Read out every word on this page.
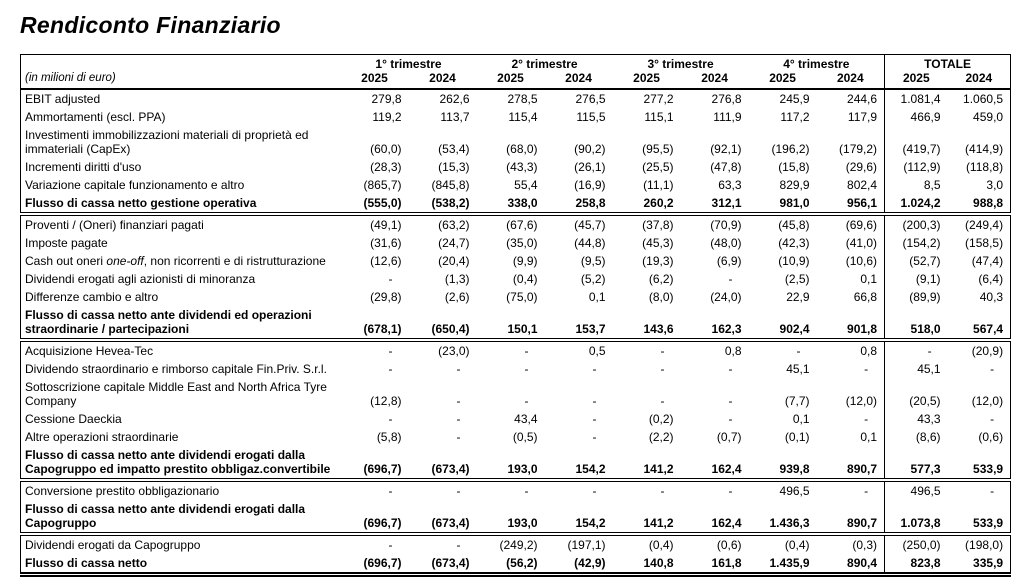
Rendiconto Finanziario
	1° trimestre		2° trimestre		3° trimestre		4° trimestre		TOTALE	
(in milioni di euro)	2025	2024	2025	2024	2025	2024	2025	2024	2025	2024
EBIT adjusted	279,8	262,6	278,5	276,5	277,2	276,8	245,9	244,6	1.081,4	1.060,5
Ammortamenti (escl. PPA)	119,2	113,7	115,4	115,5	115,1	111,9	117,2	117,9	466,9	459,0
Investimenti immobilizzazioni materiali di proprietà ed immateriali (CapEx)	(60,0)	(53,4)	(68,0)	(90,2)	(95,5)	(92,1)	(196,2)	(179,2)	(419,7)	(414,9)
Incrementi diritti d'uso	(28,3)	(15,3)	(43,3)	(26,1)	(25,5)	(47,8)	(15,8)	(29,6)	(112,9)	(118,8)
Variazione capitale funzionamento e altro	(865,7)	(845,8)	55,4	(16,9)	(11,1)	63,3	829,9	802,4	8,5	3,0
Flusso di cassa netto gestione operativa	(555,0)	(538,2)	338,0	258,8	260,2	312,1	981,0	956,1	1.024,2	988,8
Proventi / (Oneri) finanziari pagati	(49,1)	(63,2)	(67,6)	(45,7)	(37,8)	(70,9)	(45,8)	(69,6)	(200,3)	(249,4)
Imposte pagate	(31,6)	(24,7)	(35,0)	(44,8)	(45,3)	(48,0)	(42,3)	(41,0)	(154,2)	(158,5)
Cash out oneri one-off, non ricorrenti e di ristrutturazione	(12,6)	(20,4)	(9,9)	(9,5)	(19,3)	(6,9)	(10,9)	(10,6)	(52,7)	(47,4)
Dividendi erogati agli azionisti di minoranza	-	(1,3)	(0,4)	(5,2)	(6,2)	-	(2,5)	0,1	(9,1)	(6,4)
Differenze cambio e altro	(29,8)	(2,6)	(75,0)	0,1	(8,0)	(24,0)	22,9	66,8	(89,9)	40,3
Flusso di cassa netto ante dividendi ed operazioni straordinarie / partecipazioni	(678,1)	(650,4)	150,1	153,7	143,6	162,3	902,4	901,8	518,0	567,4
Acquisizione Hevea-Tec	-	(23,0)	-	0,5	-	0,8	-	0,8	-	(20,9)
Dividendo straordinario e rimborso capitale Fin.Priv. S.r.l.	-	-	-	-	-	-	45,1	-	45,1	-
Sottoscrizione capitale Middle East and North Africa Tyre Company	(12,8)	-	-	-	-	-	(7,7)	(12,0)	(20,5)	(12,0)
Cessione Daeckia	-	-	43,4	-	(0,2)	-	0,1	-	43,3	-
Altre operazioni straordinarie	(5,8)	-	(0,5)	-	(2,2)	(0,7)	(0,1)	0,1	(8,6)	(0,6)
Flusso di cassa netto ante dividendi erogati dalla Capogruppo ed impatto prestito obbligaz.convertibile	(696,7)	(673,4)	193,0	154,2	141,2	162,4	939,8	890,7	577,3	533,9
Conversione prestito obbligazionario	-	-	-	-	-	-	496,5	-	496,5	-
Flusso di cassa netto ante dividendi erogati dalla Capogruppo	(696,7)	(673,4)	193,0	154,2	141,2	162,4	1.436,3	890,7	1.073,8	533,9
Dividendi erogati da Capogruppo	-	-	(249,2)	(197,1)	(0,4)	(0,6)	(0,4)	(0,3)	(250,0)	(198,0)
Flusso di cassa netto	(696,7)	(673,4)	(56,2)	(42,9)	140,8	161,8	1.435,9	890,4	823,8	335,9
